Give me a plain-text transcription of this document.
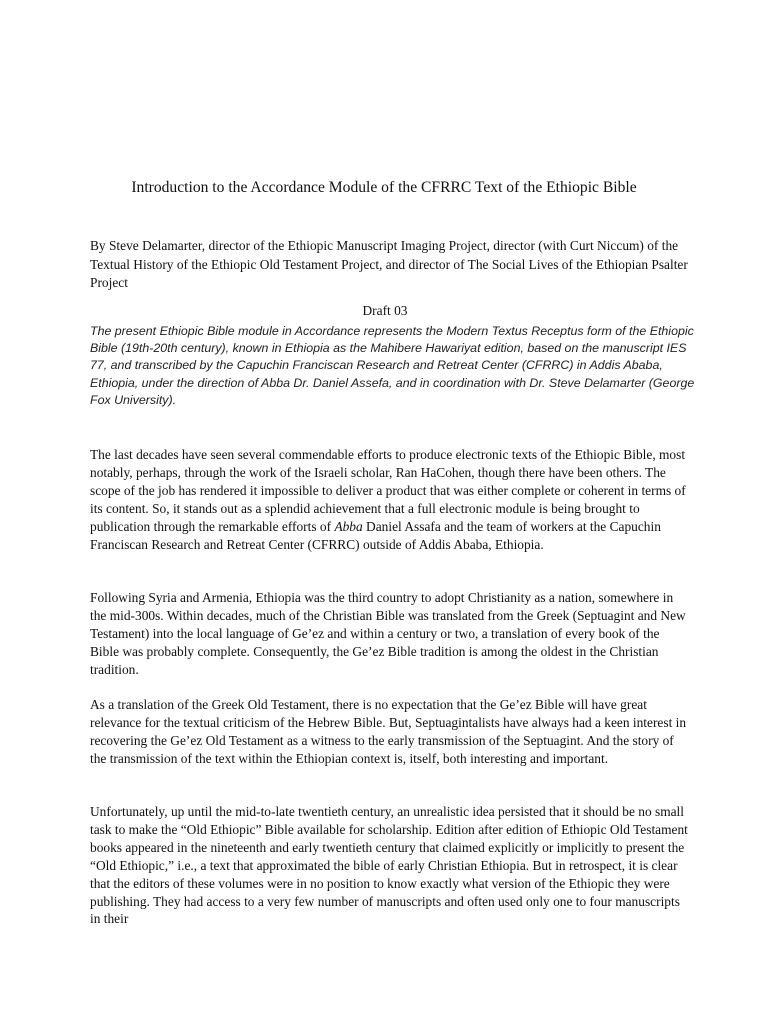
Introduction to the Accordance Module of the CFRRC Text of the Ethiopic Bible

By Steve Delamarter, director of the Ethiopic Manuscript Imaging Project, director (with Curt Niccum) of the Textual History of the Ethiopic Old Testament Project, and director of The Social Lives of the Ethiopian Psalter Project

Draft 03

The present Ethiopic Bible module in Accordance represents the Modern Textus Receptus form of the Ethiopic Bible (19th-20th century), known in Ethiopia as the Mahibere Hawariyat edition, based on the manuscript IES 77, and transcribed by the Capuchin Franciscan Research and Retreat Center (CFRRC) in Addis Ababa, Ethiopia, under the direction of Abba Dr. Daniel Assefa, and in coordination with Dr. Steve Delamarter (George Fox University).

The last decades have seen several commendable efforts to produce electronic texts of the Ethiopic Bible, most notably, perhaps, through the work of the Israeli scholar, Ran HaCohen, though there have been others. The scope of the job has rendered it impossible to deliver a product that was either complete or coherent in terms of its content. So, it stands out as a splendid achievement that a full electronic module is being brought to publication through the remarkable efforts of Abba Daniel Assafa and the team of workers at the Capuchin Franciscan Research and Retreat Center (CFRRC) outside of Addis Ababa, Ethiopia.

Following Syria and Armenia, Ethiopia was the third country to adopt Christianity as a nation, somewhere in the mid-300s. Within decades, much of the Christian Bible was translated from the Greek (Septuagint and New Testament) into the local language of Ge’ez and within a century or two, a translation of every book of the Bible was probably complete. Consequently, the Ge’ez Bible tradition is among the oldest in the Christian tradition.

As a translation of the Greek Old Testament, there is no expectation that the Ge’ez Bible will have great relevance for the textual criticism of the Hebrew Bible. But, Septuagintalists have always had a keen interest in recovering the Ge’ez Old Testament as a witness to the early transmission of the Septuagint. And the story of the transmission of the text within the Ethiopian context is, itself, both interesting and important.

Unfortunately, up until the mid-to-late twentieth century, an unrealistic idea persisted that it should be no small task to make the “Old Ethiopic” Bible available for scholarship. Edition after edition of Ethiopic Old Testament books appeared in the nineteenth and early twentieth century that claimed explicitly or implicitly to present the “Old Ethiopic,” i.e., a text that approximated the bible of early Christian Ethiopia. But in retrospect, it is clear that the editors of these volumes were in no position to know exactly what version of the Ethiopic they were publishing. They had access to a very few number of manuscripts and often used only one to four manuscripts in their
